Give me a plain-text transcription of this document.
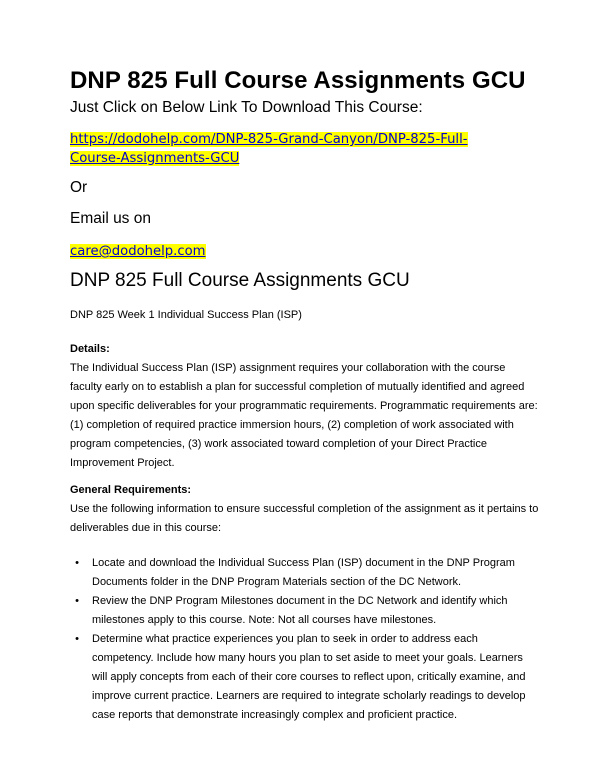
DNP 825 Full Course Assignments GCU
Just Click on Below Link To Download This Course:
https://dodohelp.com/DNP-825-Grand-Canyon/DNP-825-Full-Course-Assignments-GCU
Or
Email us on
care@dodohelp.com
DNP 825 Full Course Assignments GCU
DNP 825 Week 1 Individual Success Plan (ISP)
Details:
The Individual Success Plan (ISP) assignment requires your collaboration with the course faculty early on to establish a plan for successful completion of mutually identified and agreed upon specific deliverables for your programmatic requirements. Programmatic requirements are: (1) completion of required practice immersion hours, (2) completion of work associated with program competencies, (3) work associated toward completion of your Direct Practice Improvement Project.
General Requirements:
Use the following information to ensure successful completion of the assignment as it pertains to deliverables due in this course:
• Locate and download the Individual Success Plan (ISP) document in the DNP Program Documents folder in the DNP Program Materials section of the DC Network.
• Review the DNP Program Milestones document in the DC Network and identify which milestones apply to this course. Note: Not all courses have milestones.
• Determine what practice experiences you plan to seek in order to address each competency. Include how many hours you plan to set aside to meet your goals. Learners will apply concepts from each of their core courses to reflect upon, critically examine, and improve current practice. Learners are required to integrate scholarly readings to develop case reports that demonstrate increasingly complex and proficient practice.
